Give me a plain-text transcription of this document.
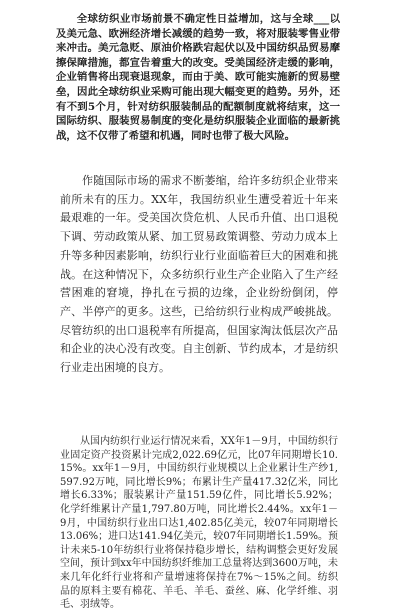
全球纺织业市场前景不确定性日益增加，这与全球___以及美元急、欧洲经济增长减缓的趋势一致，将对服装零售业带来冲击。美元急贬、原油价格跌宕起伏以及中国纺织品贸易摩擦保障措施，都宣告着重大的改变。受美国经济走缓的影响，企业销售将出现衰退现象，而由于美、欧可能实施新的贸易壁垒，因此全球纺织业采购可能出现大幅变更的趋势。另外，还有不到5个月，针对纺织服装制品的配额制度就将结束，这一国际纺织、服装贸易制度的变化是纺织服装企业面临的最新挑战，这不仅带了希望和机遇，同时也带了极大风险。

作随国际市场的需求不断萎缩，给许多纺织企业带来前所未有的压力。XX年，我国纺织业生遭受着近十年来最艰难的一年。受美国次贷危机、人民币升值、出口退税下调、劳动政策从紧、加工贸易政策调整、劳动力成本上升等多种因素影响，纺织行业行业面临着巨大的困难和挑战。在这种情况下，众多纺织行业生产企业陷入了生产经营困难的窘境，挣扎在亏损的边缘，企业纷纷倒闭，停产、半停产的更多。这些，已给纺织行业构成严峻挑战。尽管纺织的出口退税率有所提高，但国家淘汰低层次产品和企业的决心没有改变。自主创新、节约成本，才是纺织行业走出困境的良方。

从国内纺织行业运行情况来看，XX年1－9月，中国纺织行业固定资产投资累计完成2,022.69亿元，比07年同期增长10.15%。xx年1－9月，中国纺织行业规模以上企业累计生产纱1,597.92万吨，同比增长9%；布累计生产量417.32亿米，同比增长6.33%；服装累计产量151.59亿件，同比增长5.92%；化学纤维累计产量1,797.80万吨，同比增长2.44%。xx年1－9月，中国纺织行业出口达1,402.85亿美元，较07年同期增长13.06%；进口达141.94亿美元，较07年同期增长1.59%。预计未来5-10年纺织行业将保持稳步增长，结构调整会更好发展空间，预计到xx年中国纺织纤维加工总量将达到3600万吨，未来几年化纤行业将和产量增速将保持在7%～15%之间。纺织品的原料主要有棉花、羊毛、羊毛、蚕丝、麻、化学纤维、羽毛、羽绒等。
